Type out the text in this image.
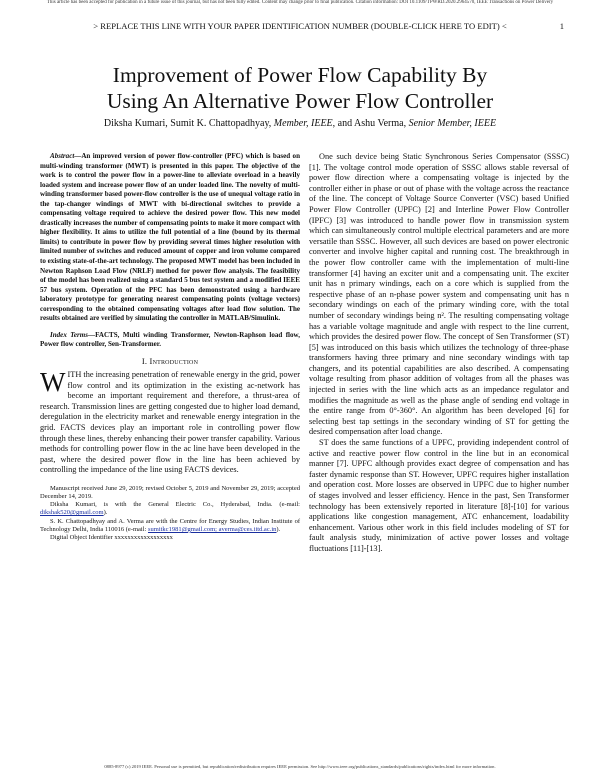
This article has been accepted for publication in a future issue of this journal, but has not been fully edited. Content may change prior to final publication. Citation information: DOI 10.1109/TPWRD.2020.2964570, IEEE Transactions on Power Delivery
> REPLACE THIS LINE WITH YOUR PAPER IDENTIFICATION NUMBER (DOUBLE-CLICK HERE TO EDIT) <	1
Improvement of Power Flow Capability By
Using An Alternative Power Flow Controller
Diksha Kumari, Sumit K. Chattopadhyay, Member, IEEE, and Ashu Verma, Senior Member, IEEE

Abstract—An improved version of power flow-controller (PFC) which is based on multi-winding transformer (MWT) is presented in this paper. The objective of the work is to control the power flow in a power-line to alleviate overload in a heavily loaded system and increase power flow of an under loaded line. The novelty of multi-winding transformer based power-flow controller is the use of unequal voltage ratio in the tap-changer windings of MWT with bi-directional switches to provide a compensating voltage required to achieve the desired power flow. This new model drastically increases the number of compensating points to make it more compact with higher flexibility. It aims to utilize the full potential of a line (bound by its thermal limits) to contribute in power flow by providing several times higher resolution with limited number of switches and reduced amount of copper and iron volume compared to existing state-of-the-art technology. The proposed MWT model has been included in Newton Raphson Load Flow (NRLF) method for power flow analysis. The feasibility of the model has been realized using a standard 5 bus test system and a modified IEEE 57 bus system. Operation of the PFC has been demonstrated using a hardware laboratory prototype for generating nearest compensating points (voltage vectors) corresponding to the obtained compensating voltages after load flow solution. The results obtained are verified by simulating the controller in MATLAB/Simulink.

Index Terms—FACTS, Multi winding Transformer, Newton-Raphson load flow, Power flow controller, Sen-Transformer.

I. Introduction

WITH the increasing penetration of renewable energy in the grid, power flow control and its optimization in the existing ac-network has become an important requirement and therefore, a thrust-area of research. Transmission lines are getting congested due to higher load demand, deregulation in the electricity market and renewable energy integration in the grid. FACTS devices play an important role in controlling power flow through these lines, thereby enhancing their power transfer capability. Various methods for controlling power flow in the ac line have been developed in the past, where the desired power flow in the line has been achieved by controlling the impedance of the line using FACTS devices.

Manuscript received June 29, 2019; revised October 5, 2019 and November 29, 2019; accepted December 14, 2019.

Diksha Kumari, is with the General Electric Co., Hyderabad, India. (e-mail: dikshak520@gmail.com).

S. K. Chattopadhyay and A. Verma are with the Centre for Energy Studies, Indian Institute of Technology Delhi, India 110016 (e-mail: sumitkc1981@gmail.com; averma@ces.iitd.ac.in).

Digital Object Identifier xxxxxxxxxxxxxxxxxx

One such device being Static Synchronous Series Compensator (SSSC) [1]. The voltage control mode operation of SSSC allows stable reversal of power flow direction where a compensating voltage is injected by the controller either in phase or out of phase with the voltage across the reactance of the line. The concept of Voltage Source Converter (VSC) based Unified Power Flow Controller (UPFC) [2] and Interline Power Flow Controller (IPFC) [3] was introduced to handle power flow in transmission system which can simultaneously control multiple electrical parameters and are more versatile than SSSC. However, all such devices are based on power electronic converter and involve higher capital and running cost. The breakthrough in the power flow controller came with the implementation of multi-line transformer [4] having an exciter unit and a compensating unit. The exciter unit has n primary windings, each on a core which is supplied from the respective phase of an n-phase power system and compensating unit has n secondary windings on each of the primary winding core, with the total number of secondary windings being n². The resulting compensating voltage has a variable voltage magnitude and angle with respect to the line current, which provides the desired power flow. The concept of Sen Transformer (ST) [5] was introduced on this basis which utilizes the technology of three-phase transformers having three primary and nine secondary windings with tap changers, and its potential capabilities are also described. A compensating voltage resulting from phasor addition of voltages from all the phases was injected in series with the line which acts as an impedance regulator and modifies the magnitude as well as the phase angle of sending end voltage in the entire range from 0°-360°. An algorithm has been developed [6] for selecting best tap settings in the secondary winding of ST for getting the desired compensation after load change.

ST does the same functions of a UPFC, providing independent control of active and reactive power flow control in the line but in an economical manner [7]. UPFC although provides exact degree of compensation and has faster dynamic response than ST. However, UPFC requires higher installation and operation cost. More losses are observed in UPFC due to higher number of stages involved and lesser efficiency. Hence in the past, Sen Transformer technology has been extensively reported in literature [8]-[10] for various applications like congestion management, ATC enhancement, loadability enhancement. Various other work in this field includes modeling of ST for fault analysis study, minimization of active power losses and voltage fluctuations [11]-[13].

0885-8977 (c) 2019 IEEE. Personal use is permitted, but republication/redistribution requires IEEE permission. See http://www.ieee.org/publications_standards/publications/rights/index.html for more information.
